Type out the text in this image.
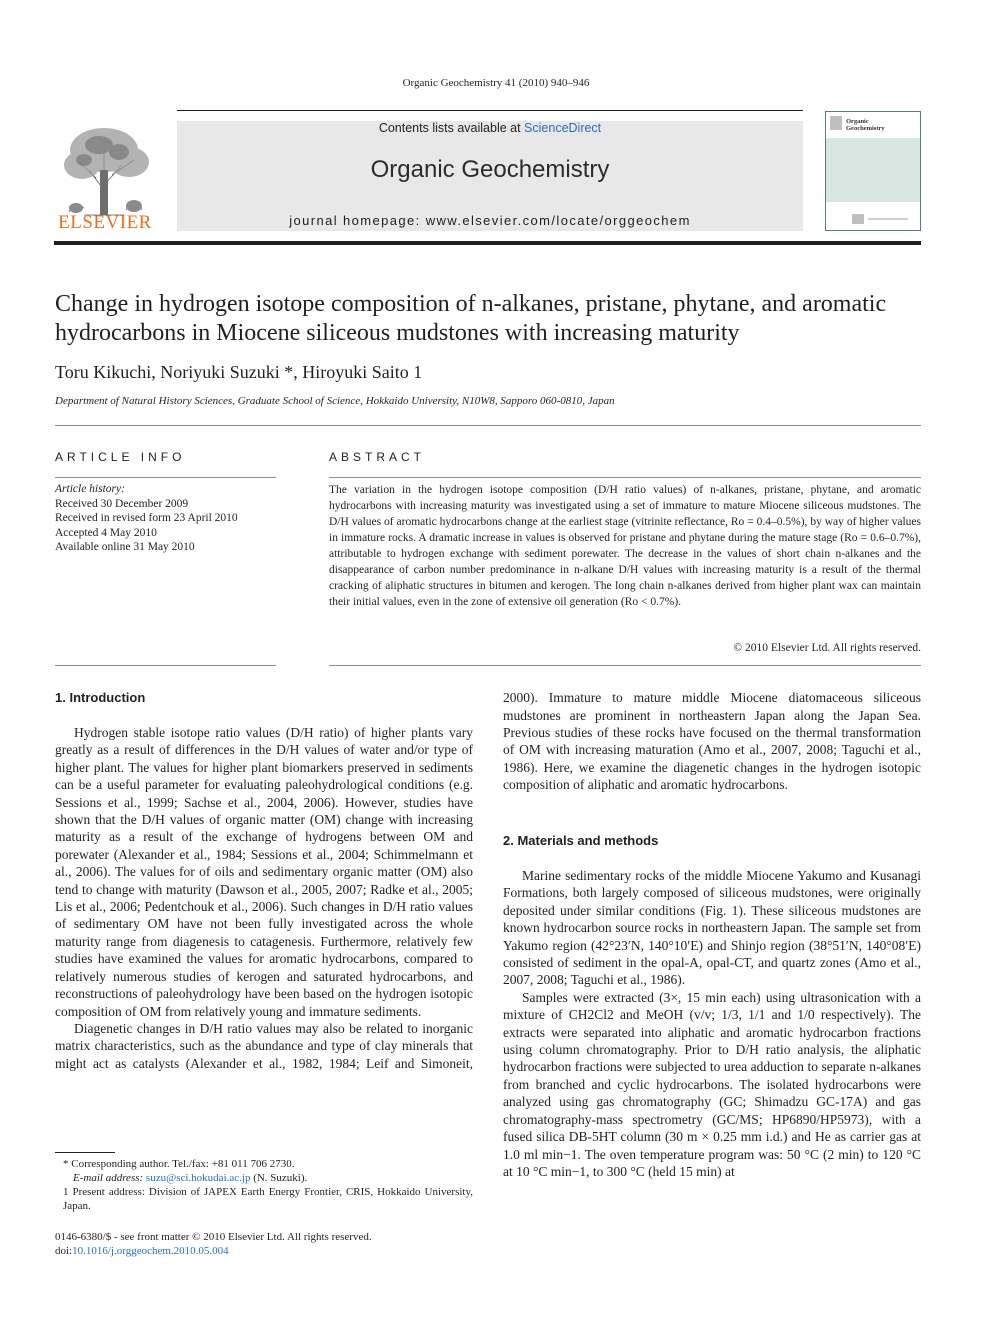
Organic Geochemistry 41 (2010) 940–946
ELSEVIER
Contents lists available at ScienceDirect
Organic Geochemistry
journal homepage: www.elsevier.com/locate/orggeochem
Organic
Geochemistry
Change in hydrogen isotope composition of n-alkanes, pristane, phytane, and aromatic hydrocarbons in Miocene siliceous mudstones with increasing maturity
Toru Kikuchi, Noriyuki Suzuki *, Hiroyuki Saito 1
Department of Natural History Sciences, Graduate School of Science, Hokkaido University, N10W8, Sapporo 060-0810, Japan
ARTICLE INFO
Article history:
Received 30 December 2009
Received in revised form 23 April 2010
Accepted 4 May 2010
Available online 31 May 2010
ABSTRACT
The variation in the hydrogen isotope composition (D/H ratio values) of n-alkanes, pristane, phytane, and aromatic hydrocarbons with increasing maturity was investigated using a set of immature to mature Miocene siliceous mudstones. The D/H values of aromatic hydrocarbons change at the earliest stage (vitrinite reflectance, Ro = 0.4–0.5%), by way of higher values in immature rocks. A dramatic increase in values is observed for pristane and phytane during the mature stage (Ro = 0.6–0.7%), attributable to hydrogen exchange with sediment porewater. The decrease in the values of short chain n-alkanes and the disappearance of carbon number predominance in n-alkane D/H values with increasing maturity is a result of the thermal cracking of aliphatic structures in bitumen and kerogen. The long chain n-alkanes derived from higher plant wax can maintain their initial values, even in the zone of extensive oil generation (Ro < 0.7%).
© 2010 Elsevier Ltd. All rights reserved.
1. Introduction

Hydrogen stable isotope ratio values (D/H ratio) of higher plants vary greatly as a result of differences in the D/H values of water and/or type of higher plant. The values for higher plant biomarkers preserved in sediments can be a useful parameter for evaluating paleohydrological conditions (e.g. Sessions et al., 1999; Sachse et al., 2004, 2006). However, studies have shown that the D/H values of organic matter (OM) change with increasing maturity as a result of the exchange of hydrogens between OM and porewater (Alexander et al., 1984; Sessions et al., 2004; Schimmelmann et al., 2006). The values for of oils and sedimentary organic matter (OM) also tend to change with maturity (Dawson et al., 2005, 2007; Radke et al., 2005; Lis et al., 2006; Pedentchouk et al., 2006). Such changes in D/H ratio values of sedimentary OM have not been fully investigated across the whole maturity range from diagenesis to catagenesis. Furthermore, relatively few studies have examined the values for aromatic hydrocarbons, compared to relatively numerous studies of kerogen and saturated hydrocarbons, and reconstructions of paleohydrology have been based on the hydrogen isotopic composition of OM from relatively young and immature sediments.

Diagenetic changes in D/H ratio values may also be related to inorganic matrix characteristics, such as the abundance and type of clay minerals that might act as catalysts (Alexander et al., 1982, 1984; Leif and Simoneit,

2000). Immature to mature middle Miocene diatomaceous siliceous mudstones are prominent in northeastern Japan along the Japan Sea. Previous studies of these rocks have focused on the thermal transformation of OM with increasing maturation (Amo et al., 2007, 2008; Taguchi et al., 1986). Here, we examine the diagenetic changes in the hydrogen isotopic composition of aliphatic and aromatic hydrocarbons.
2. Materials and methods

Marine sedimentary rocks of the middle Miocene Yakumo and Kusanagi Formations, both largely composed of siliceous mudstones, were originally deposited under similar conditions (Fig. 1). These siliceous mudstones are known hydrocarbon source rocks in northeastern Japan. The sample set from Yakumo region (42°23′N, 140°10′E) and Shinjo region (38°51′N, 140°08′E) consisted of sediment in the opal-A, opal-CT, and quartz zones (Amo et al., 2007, 2008; Taguchi et al., 1986).

Samples were extracted (3×, 15 min each) using ultrasonication with a mixture of CH2Cl2 and MeOH (v/v; 1/3, 1/1 and 1/0 respectively). The extracts were separated into aliphatic and aromatic hydrocarbon fractions using column chromatography. Prior to D/H ratio analysis, the aliphatic hydrocarbon fractions were subjected to urea adduction to separate n-alkanes from branched and cyclic hydrocarbons. The isolated hydrocarbons were analyzed using gas chromatography (GC; Shimadzu GC-17A) and gas chromatography-mass spectrometry (GC/MS; HP6890/HP5973), with a fused silica DB-5HT column (30 m × 0.25 mm i.d.) and He as carrier gas at 1.0 ml min−1. The oven temperature program was: 50 °C (2 min) to 120 °C at 10 °C min−1, to 300 °C (held 15 min) at

* Corresponding author. Tel./fax: +81 011 706 2730.
E-mail address: suzu@sci.hokudai.ac.jp (N. Suzuki).
1 Present address: Division of JAPEX Earth Energy Frontier, CRIS, Hokkaido University, Japan.
0146-6380/$ - see front matter © 2010 Elsevier Ltd. All rights reserved.
doi:10.1016/j.orggeochem.2010.05.004
